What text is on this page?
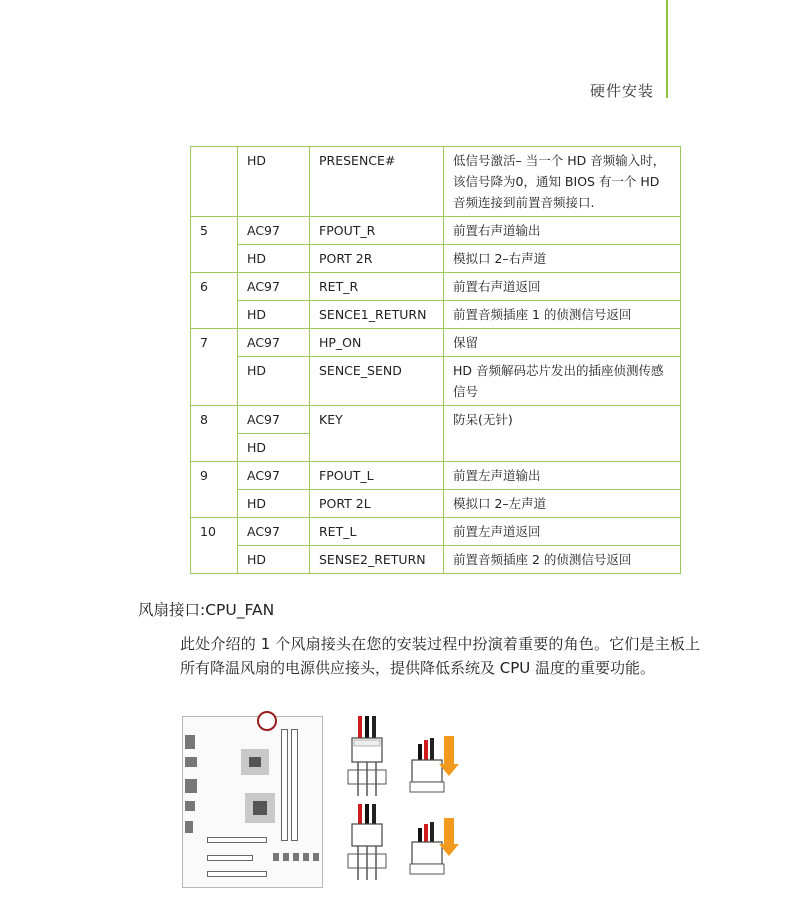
硬件安装
	HD	PRESENCE#	低信号激活– 当一个 HD 音频输入时，该信号降为0，通知 BIOS 有一个 HD 音频连接到前置音频接口.
5	AC97	FPOUT_R	前置右声道输出
	HD	PORT 2R	模拟口 2–右声道
6	AC97	RET_R	前置右声道返回
	HD	SENCE1_RETURN	前置音频插座 1 的侦测信号返回
7	AC97	HP_ON	保留
	HD	SENCE_SEND	HD 音频解码芯片发出的插座侦测传感信号
8	AC97	KEY	防呆(无针)
	HD		
9	AC97	FPOUT_L	前置左声道输出
	HD	PORT 2L	模拟口 2–左声道
10	AC97	RET_L	前置左声道返回
	HD	SENSE2_RETURN	前置音频插座 2 的侦测信号返回
风扇接口:CPU_FAN
此处介绍的 1 个风扇接头在您的安装过程中扮演着重要的角色。它们是主板上所有降温风扇的电源供应接头，提供降低系统及 CPU 温度的重要功能。
